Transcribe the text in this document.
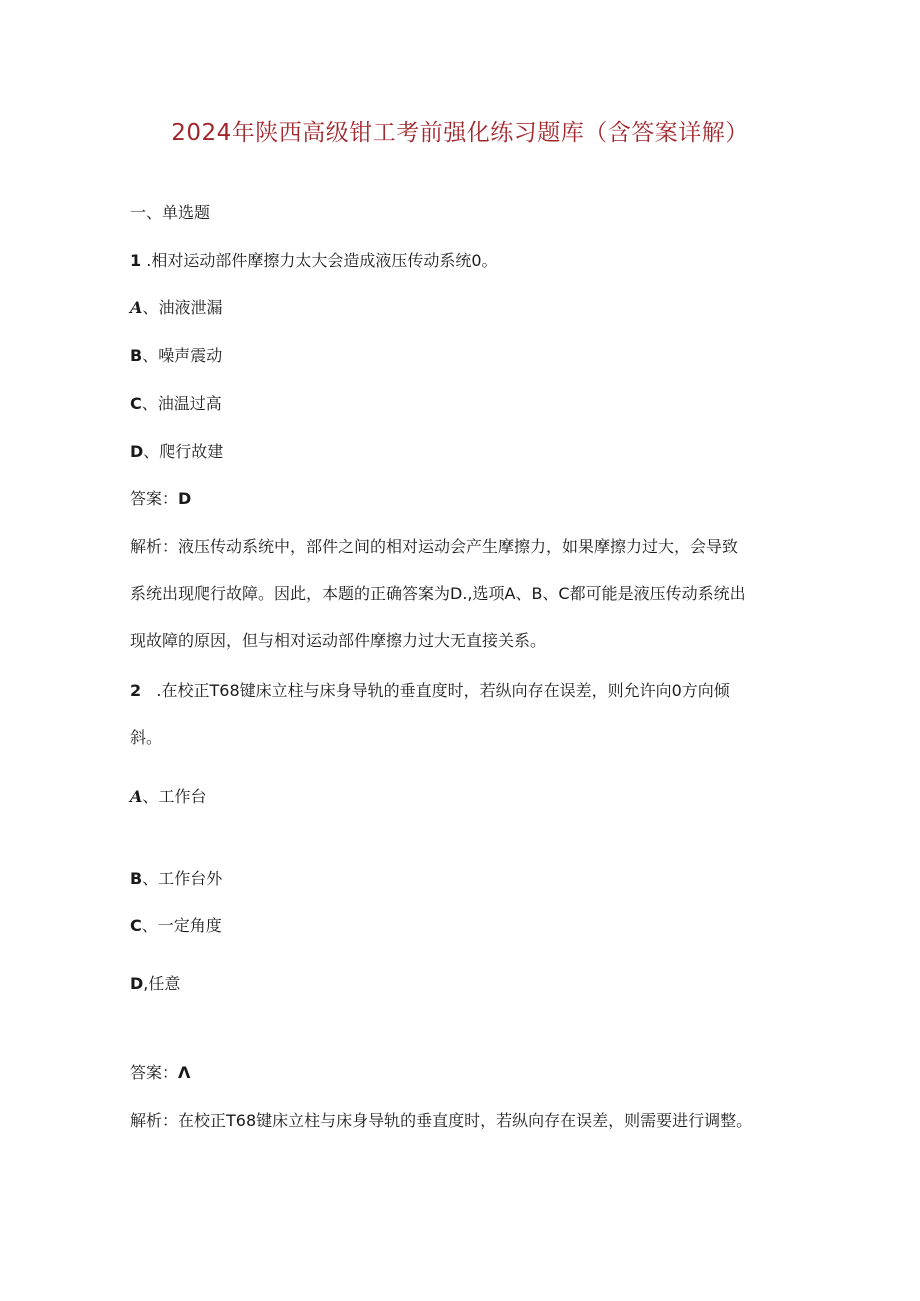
2024年陕西高级钳工考前强化练习题库（含答案详解）
一、单选题
1 .相对运动部件摩擦力太大会造成液压传动系统0。
A、油液泄漏
B、噪声震动
C、油温过高
D、爬行故建
答案：D
解析：液压传动系统中，部件之间的相对运动会产生摩擦力，如果摩擦力过大，会导致
系统出现爬行故障。因此，本题的正确答案为D.,选项A、B、C都可能是液压传动系统出
现故障的原因，但与相对运动部件摩擦力过大无直接关系。
2 .在校正T68键床立柱与床身导轨的垂直度时，若纵向存在误差，则允许向0方向倾
斜。
A、工作台
B、工作台外
C、一定角度
D,任意
答案：Λ
解析：在校正T68键床立柱与床身导轨的垂直度时，若纵向存在误差，则需要进行调整。
